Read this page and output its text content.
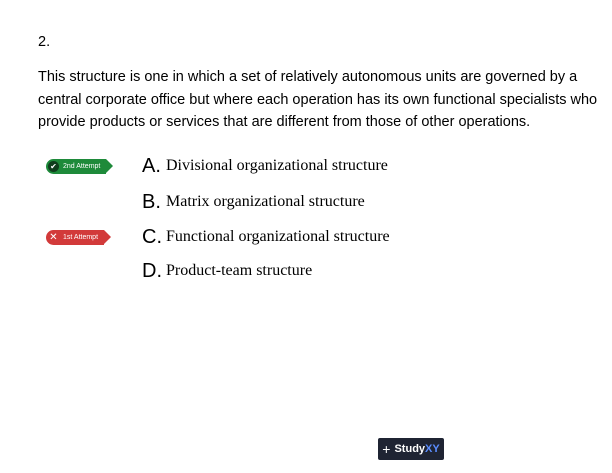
2.
This structure is one in which a set of relatively autonomous units are governed by a central corporate office but where each operation has its own functional specialists who provide products or services that are different from those of other operations.
✔ 2nd Attempt A. Divisional organizational structure
B. Matrix organizational structure
✕ 1st Attempt C. Functional organizational structure
D. Product-team structure
+ Study XY
